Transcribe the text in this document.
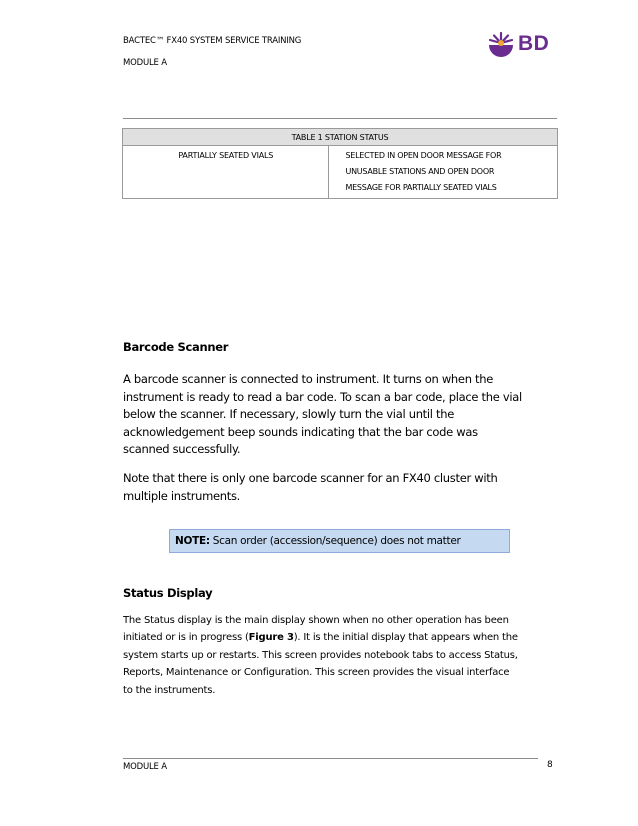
BACTEC™ FX40 SYSTEM SERVICE TRAINING
MODULE A
BD
TABLE 1 STATION STATUS
PARTIALLY SEATED VIALS	SELECTED IN OPEN DOOR MESSAGE FOR
UNUSABLE STATIONS AND OPEN DOOR
MESSAGE FOR PARTIALLY SEATED VIALS
Barcode Scanner
A barcode scanner is connected to instrument. It turns on when the
instrument is ready to read a bar code. To scan a bar code, place the vial
below the scanner. If necessary, slowly turn the vial until the
acknowledgement beep sounds indicating that the bar code was
scanned successfully.
Note that there is only one barcode scanner for an FX40 cluster with
multiple instruments.
NOTE: Scan order (accession/sequence) does not matter
Status Display
The Status display is the main display shown when no other operation has been
initiated or is in progress (Figure 3). It is the initial display that appears when the
system starts up or restarts. This screen provides notebook tabs to access Status,
Reports, Maintenance or Configuration. This screen provides the visual interface
to the instruments.
MODULE A	8
